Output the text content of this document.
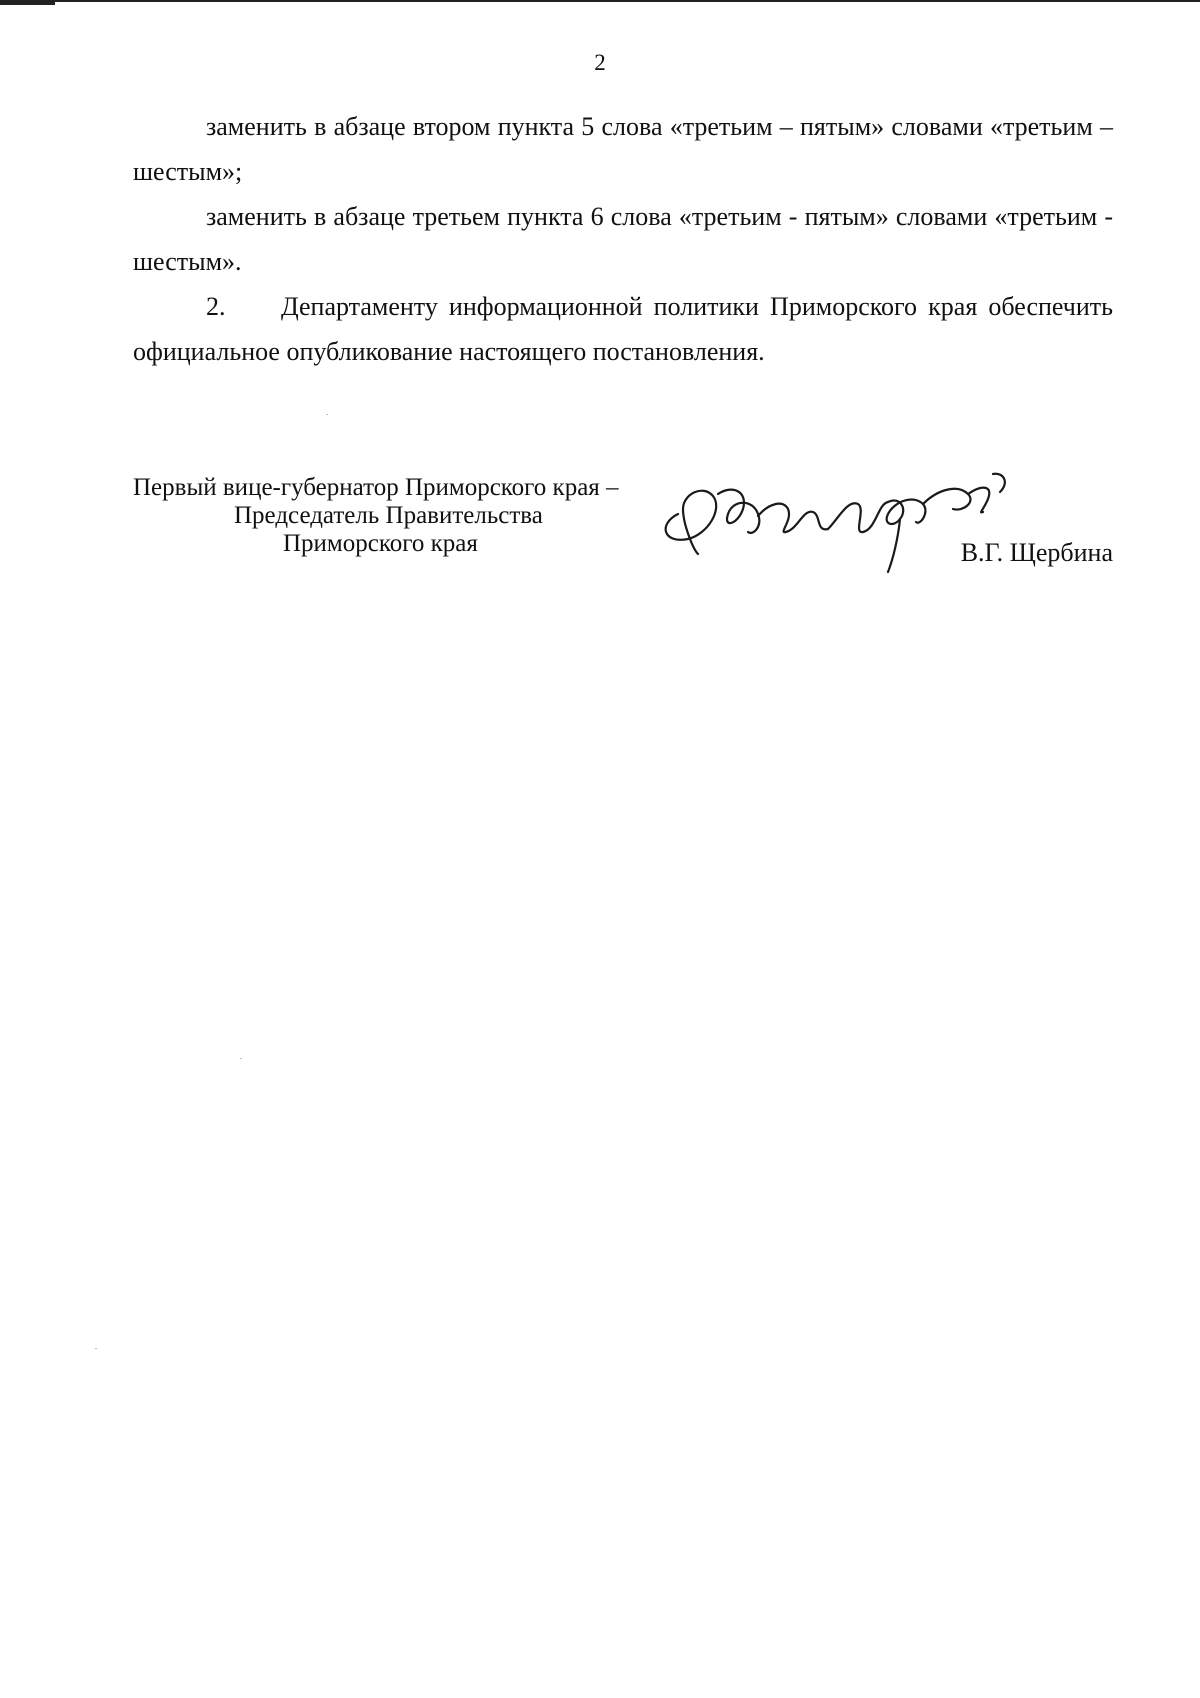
2

заменить в абзаце втором пункта 5 слова «третьим – пятым» словами «третьим – шестым»;

заменить в абзаце третьем пункта 6 слова «третьим - пятым» словами «третьим - шестым».

2. Департаменту информационной политики Приморского края обеспечить официальное опубликование настоящего постановления.

Первый вице-губернатор Приморского края –
Председатель Правительства
Приморского края	В.Г. Щербина
